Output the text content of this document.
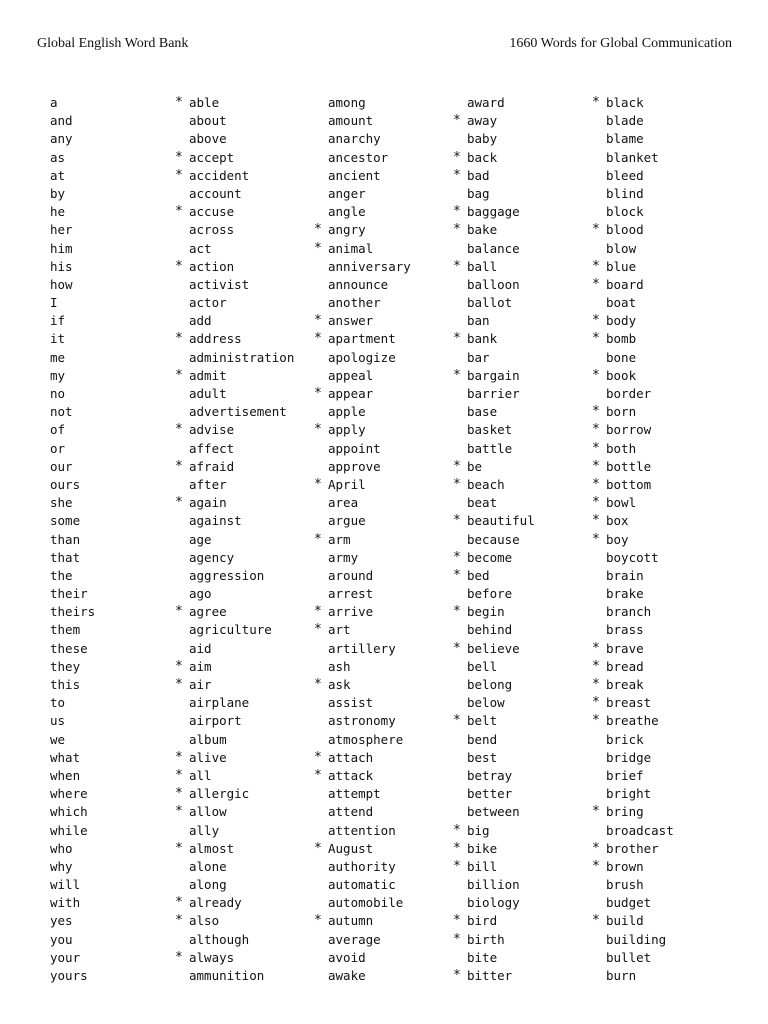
Global English Word Bank	1660 Words for Global Communication
a
and
any
as
at
by
he
her
him
his
how
I
if
it
me
my
no
not
of
or
our
ours
she
some
than
that
the
their
theirs
them
these
they
this
to
us
we
what
when
where
which
while
who
why
will
with
yes
you
your
yours
* able
about
above
* accept
* accident
account
* accuse
across
act
* action
activist
actor
add
* address
administration
* admit
adult
advertisement
* advise
affect
* afraid
after
* again
against
age
agency
aggression
ago
* agree
agriculture
aid
* aim
* air
airplane
airport
album
* alive
* all
* allergic
* allow
ally
* almost
alone
along
* already
* also
although
* always
ammunition
among
amount
anarchy
ancestor
ancient
anger
angle
* angry
* animal
anniversary
announce
another
* answer
* apartment
apologize
appeal
* appear
apple
* apply
appoint
approve
* April
area
argue
* arm
army
around
arrest
* arrive
* art
artillery
ash
* ask
assist
astronomy
atmosphere
* attach
* attack
attempt
attend
attention
* August
authority
automatic
automobile
* autumn
average
avoid
awake
award
* away
baby
* back
* bad
bag
* baggage
* bake
balance
* ball
balloon
ballot
ban
* bank
bar
* bargain
barrier
base
basket
battle
* be
* beach
beat
* beautiful
because
* become
* bed
before
* begin
behind
* believe
bell
belong
below
* belt
bend
best
betray
better
between
* big
* bike
* bill
billion
biology
* bird
* birth
bite
* bitter
* black
blade
blame
blanket
bleed
blind
block
* blood
blow
* blue
* board
boat
* body
* bomb
bone
* book
border
* born
* borrow
* both
* bottle
* bottom
* bowl
* box
* boy
boycott
brain
brake
branch
brass
* brave
* bread
* break
* breast
* breathe
brick
bridge
brief
bright
* bring
broadcast
* brother
* brown
brush
budget
* build
building
bullet
burn
